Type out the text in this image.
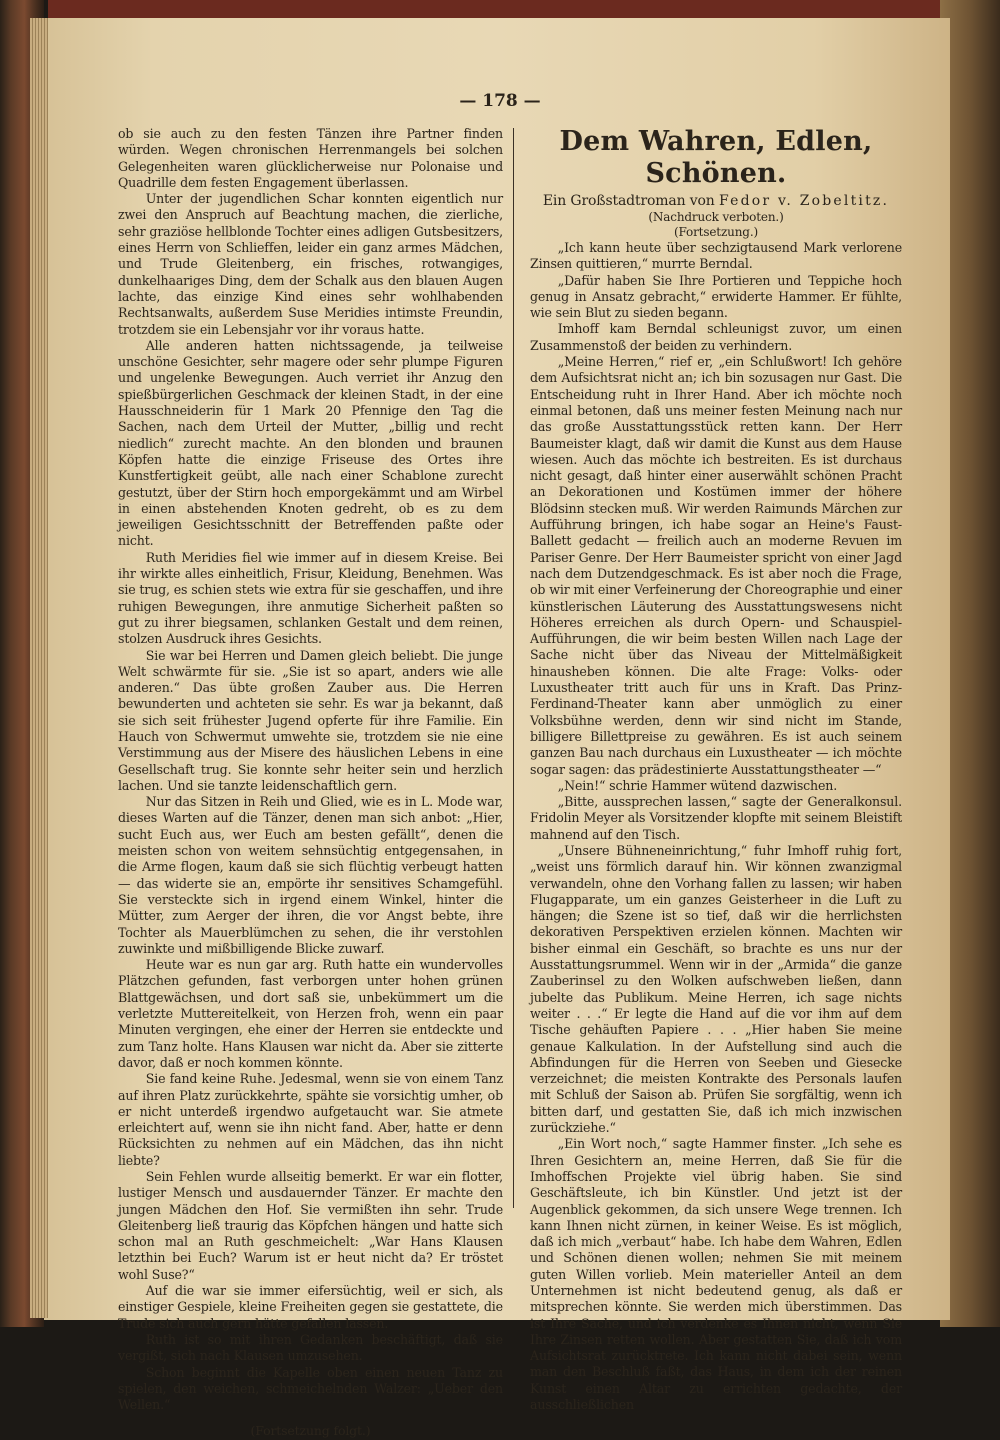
— 178 —

ob sie auch zu den festen Tänzen ihre Partner finden würden. Wegen chronischen Herrenmangels bei solchen Gelegenheiten waren glücklicherweise nur Polonaise und Quadrille dem festen Engagement überlassen.

Unter der jugendlichen Schar konnten eigentlich nur zwei den Anspruch auf Beachtung machen, die zierliche, sehr graziöse hellblonde Tochter eines adligen Gutsbesitzers, eines Herrn von Schlieffen, leider ein ganz armes Mädchen, und Trude Gleitenberg, ein frisches, rotwangiges, dunkelhaariges Ding, dem der Schalk aus den blauen Augen lachte, das einzige Kind eines sehr wohlhabenden Rechtsanwalts, außerdem Suse Meridies intimste Freundin, trotzdem sie ein Lebensjahr vor ihr voraus hatte.

Alle anderen hatten nichtssagende, ja teilweise unschöne Gesichter, sehr magere oder sehr plumpe Figuren und ungelenke Bewegungen. Auch verriet ihr Anzug den spießbürgerlichen Geschmack der kleinen Stadt, in der eine Hausschneiderin für 1 Mark 20 Pfennige den Tag die Sachen, nach dem Urteil der Mutter, „billig und recht niedlich“ zurecht machte. An den blonden und braunen Köpfen hatte die einzige Friseuse des Ortes ihre Kunstfertigkeit geübt, alle nach einer Schablone zurecht gestutzt, über der Stirn hoch emporgekämmt und am Wirbel in einen abstehenden Knoten gedreht, ob es zu dem jeweiligen Gesichtsschnitt der Betreffenden paßte oder nicht.

Ruth Meridies fiel wie immer auf in diesem Kreise. Bei ihr wirkte alles einheitlich, Frisur, Kleidung, Benehmen. Was sie trug, es schien stets wie extra für sie geschaffen, und ihre ruhigen Bewegungen, ihre anmutige Sicherheit paßten so gut zu ihrer biegsamen, schlanken Gestalt und dem reinen, stolzen Ausdruck ihres Gesichts.

Sie war bei Herren und Damen gleich beliebt. Die junge Welt schwärmte für sie. „Sie ist so apart, anders wie alle anderen.“ Das übte großen Zauber aus. Die Herren bewunderten und achteten sie sehr. Es war ja bekannt, daß sie sich seit frühester Jugend opferte für ihre Familie. Ein Hauch von Schwermut umwehte sie, trotzdem sie nie eine Verstimmung aus der Misere des häuslichen Lebens in eine Gesellschaft trug. Sie konnte sehr heiter sein und herzlich lachen. Und sie tanzte leidenschaftlich gern.

Nur das Sitzen in Reih und Glied, wie es in L. Mode war, dieses Warten auf die Tänzer, denen man sich anbot: „Hier, sucht Euch aus, wer Euch am besten gefällt“, denen die meisten schon von weitem sehnsüchtig entgegensahen, in die Arme flogen, kaum daß sie sich flüchtig verbeugt hatten — das widerte sie an, empörte ihr sensitives Schamgefühl. Sie versteckte sich in irgend einem Winkel, hinter die Mütter, zum Aerger der ihren, die vor Angst bebte, ihre Tochter als Mauerblümchen zu sehen, die ihr verstohlen zuwinkte und mißbilligende Blicke zuwarf.

Heute war es nun gar arg. Ruth hatte ein wundervolles Plätzchen gefunden, fast verborgen unter hohen grünen Blattgewächsen, und dort saß sie, unbekümmert um die verletzte Muttereitelkeit, von Herzen froh, wenn ein paar Minuten vergingen, ehe einer der Herren sie entdeckte und zum Tanz holte. Hans Klausen war nicht da. Aber sie zitterte davor, daß er noch kommen könnte.

Sie fand keine Ruhe. Jedesmal, wenn sie von einem Tanz auf ihren Platz zurückkehrte, spähte sie vorsichtig umher, ob er nicht unterdeß irgendwo aufgetaucht war. Sie atmete erleichtert auf, wenn sie ihn nicht fand. Aber, hatte er denn Rücksichten zu nehmen auf ein Mädchen, das ihn nicht liebte?

Sein Fehlen wurde allseitig bemerkt. Er war ein flotter, lustiger Mensch und ausdauernder Tänzer. Er machte den jungen Mädchen den Hof. Sie vermißten ihn sehr. Trude Gleitenberg ließ traurig das Köpfchen hängen und hatte sich schon mal an Ruth geschmeichelt: „War Hans Klausen letzthin bei Euch? Warum ist er heut nicht da? Er tröstet wohl Suse?“

Auf die war sie immer eifersüchtig, weil er sich, als einstiger Gespiele, kleine Freiheiten gegen sie gestattete, die Trude sich auch gern hätte gefallen lassen.

Ruth ist so mit ihren Gedanken beschäftigt, daß sie vergißt, sich nach Klausen umzusehen.

Schon beginnt die Kapelle oben einen neuen Tanz zu spielen, den weichen, schmeichelnden Walzer: „Ueber den Wellen.“

(Fortsetzung folgt.)
Dem Wahren, Edlen, Schönen.
Ein Großstadtroman von Fedor v. Zobeltitz.
(Nachdruck verboten.)
(Fortsetzung.)

„Ich kann heute über sechzigtausend Mark verlorene Zinsen quittieren,“ murrte Berndal.

„Dafür haben Sie Ihre Portieren und Teppiche hoch genug in Ansatz gebracht,“ erwiderte Hammer. Er fühlte, wie sein Blut zu sieden begann.

Imhoff kam Berndal schleunigst zuvor, um einen Zusammenstoß der beiden zu verhindern.

„Meine Herren,“ rief er, „ein Schlußwort! Ich gehöre dem Aufsichtsrat nicht an; ich bin sozusagen nur Gast. Die Entscheidung ruht in Ihrer Hand. Aber ich möchte noch einmal betonen, daß uns meiner festen Meinung nach nur das große Ausstattungsstück retten kann. Der Herr Baumeister klagt, daß wir damit die Kunst aus dem Hause wiesen. Auch das möchte ich bestreiten. Es ist durchaus nicht gesagt, daß hinter einer auserwählt schönen Pracht an Dekorationen und Kostümen immer der höhere Blödsinn stecken muß. Wir werden Raimunds Märchen zur Aufführung bringen, ich habe sogar an Heine's Faust-Ballett gedacht — freilich auch an moderne Revuen im Pariser Genre. Der Herr Baumeister spricht von einer Jagd nach dem Dutzendgeschmack. Es ist aber noch die Frage, ob wir mit einer Verfeinerung der Choreographie und einer künstlerischen Läuterung des Ausstattungswesens nicht Höheres erreichen als durch Opern- und Schauspiel-Aufführungen, die wir beim besten Willen nach Lage der Sache nicht über das Niveau der Mittelmäßigkeit hinausheben können. Die alte Frage: Volks- oder Luxustheater tritt auch für uns in Kraft. Das Prinz-Ferdinand-Theater kann aber unmöglich zu einer Volksbühne werden, denn wir sind nicht im Stande, billigere Billettpreise zu gewähren. Es ist auch seinem ganzen Bau nach durchaus ein Luxustheater — ich möchte sogar sagen: das prädestinierte Ausstattungstheater —“

„Nein!“ schrie Hammer wütend dazwischen.

„Bitte, aussprechen lassen,“ sagte der Generalkonsul. Fridolin Meyer als Vorsitzender klopfte mit seinem Bleistift mahnend auf den Tisch.

„Unsere Bühneneinrichtung,“ fuhr Imhoff ruhig fort, „weist uns förmlich darauf hin. Wir können zwanzigmal verwandeln, ohne den Vorhang fallen zu lassen; wir haben Flugapparate, um ein ganzes Geisterheer in die Luft zu hängen; die Szene ist so tief, daß wir die herrlichsten dekorativen Perspektiven erzielen können. Machten wir bisher einmal ein Geschäft, so brachte es uns nur der Ausstattungsrummel. Wenn wir in der „Armida“ die ganze Zauberinsel zu den Wolken aufschweben ließen, dann jubelte das Publikum. Meine Herren, ich sage nichts weiter . . .“ Er legte die Hand auf die vor ihm auf dem Tische gehäuften Papiere . . . „Hier haben Sie meine genaue Kalkulation. In der Aufstellung sind auch die Abfindungen für die Herren von Seeben und Giesecke verzeichnet; die meisten Kontrakte des Personals laufen mit Schluß der Saison ab. Prüfen Sie sorgfältig, wenn ich bitten darf, und gestatten Sie, daß ich mich inzwischen zurückziehe.“

„Ein Wort noch,“ sagte Hammer finster. „Ich sehe es Ihren Gesichtern an, meine Herren, daß Sie für die Imhoffschen Projekte viel übrig haben. Sie sind Geschäftsleute, ich bin Künstler. Und jetzt ist der Augenblick gekommen, da sich unsere Wege trennen. Ich kann Ihnen nicht zürnen, in keiner Weise. Es ist möglich, daß ich mich „verbaut“ habe. Ich habe dem Wahren, Edlen und Schönen dienen wollen; nehmen Sie mit meinem guten Willen vorlieb. Mein materieller Anteil an dem Unternehmen ist nicht bedeutend genug, als daß er mitsprechen könnte. Sie werden mich überstimmen. Das ist Ihre Sache, und ich verdenke es Ihnen nicht, wenn Sie Ihre Zinsen retten wollen. Aber gestatten Sie, daß ich vom Aufsichtsrat zurücktrete. Ich kann nicht dabei sein, wenn man den Beschluß faßt, das Haus, in dem ich der reinen Kunst einen Altar zu errichten gedachte, der ausschließlichen
